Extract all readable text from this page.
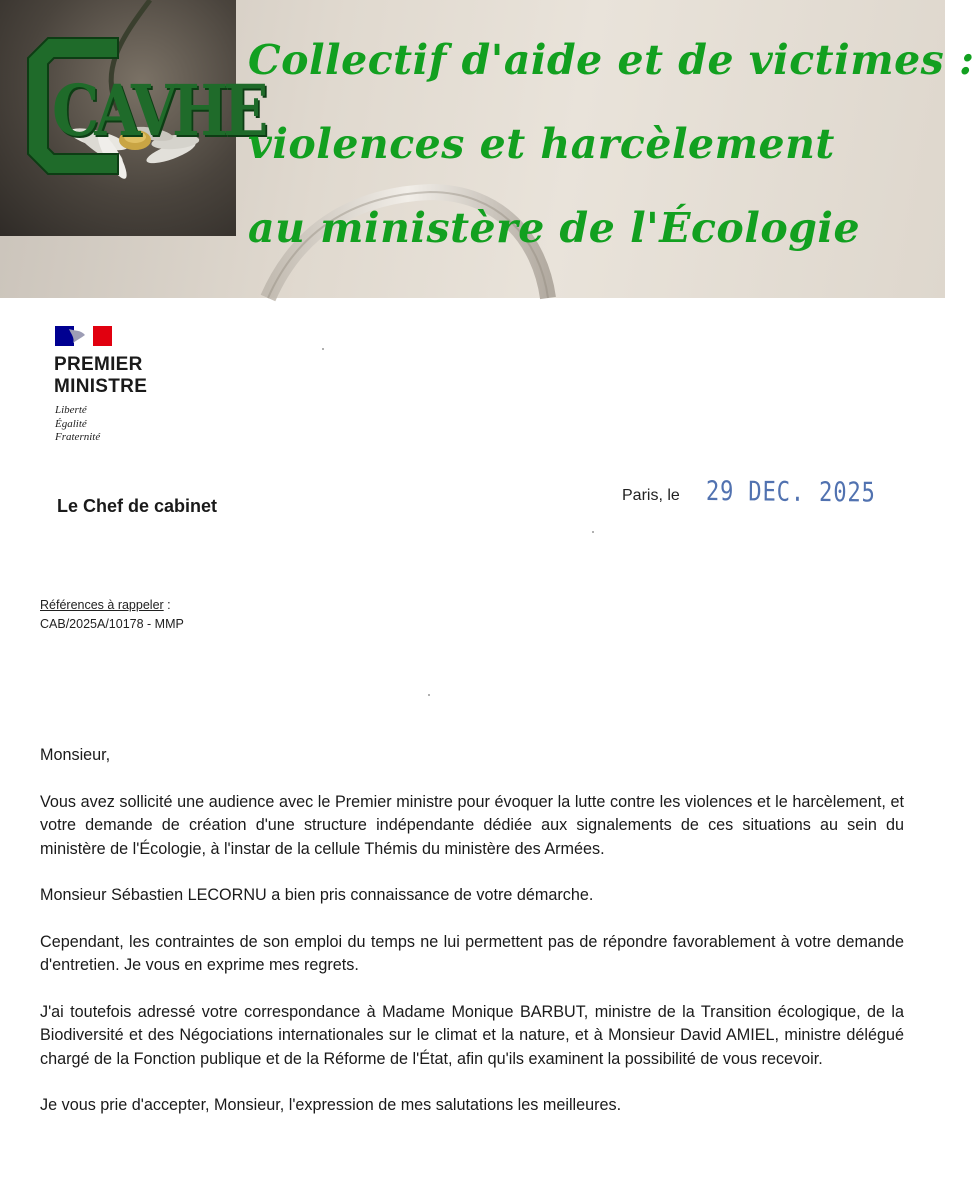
CAVHE

Collectif d'aide et de victimes :

violences et harcèlement

au ministère de l'Écologie

PREMIER
MINISTRE
Liberté
Égalité
Fraternité
Le Chef de cabinet
Paris, le 29 DEC. 2025
Références à rappeler :
CAB/2025A/10178 - MMP

Monsieur,

Vous avez sollicité une audience avec le Premier ministre pour évoquer la lutte contre les violences et le harcèlement, et votre demande de création d'une structure indépendante dédiée aux signalements de ces situations au sein du ministère de l'Écologie, à l'instar de la cellule Thémis du ministère des Armées.

Monsieur Sébastien LECORNU a bien pris connaissance de votre démarche.

Cependant, les contraintes de son emploi du temps ne lui permettent pas de répondre favorablement à votre demande d'entretien. Je vous en exprime mes regrets.

J'ai toutefois adressé votre correspondance à Madame Monique BARBUT, ministre de la Transition écologique, de la Biodiversité et des Négociations internationales sur le climat et la nature, et à Monsieur David AMIEL, ministre délégué chargé de la Fonction publique et de la Réforme de l'État, afin qu'ils examinent la possibilité de vous recevoir.

Je vous prie d'accepter, Monsieur, l'expression de mes salutations les meilleures.
